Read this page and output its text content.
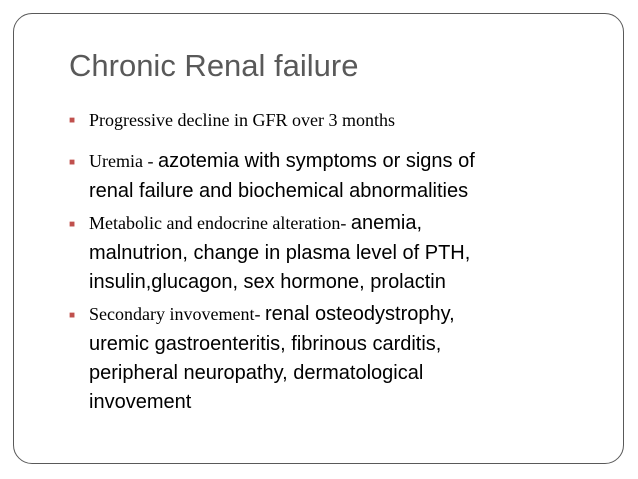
Chronic Renal failure
■ Progressive decline in GFR over 3 months
■ Uremia - azotemia with symptoms or signs of
renal failure and biochemical abnormalities
■ Metabolic and endocrine alteration- anemia,
malnutrion, change in plasma level of PTH,
insulin,glucagon, sex hormone, prolactin
■ Secondary invovement- renal osteodystrophy,
uremic gastroenteritis, fibrinous carditis,
peripheral neuropathy, dermatological
invovement
